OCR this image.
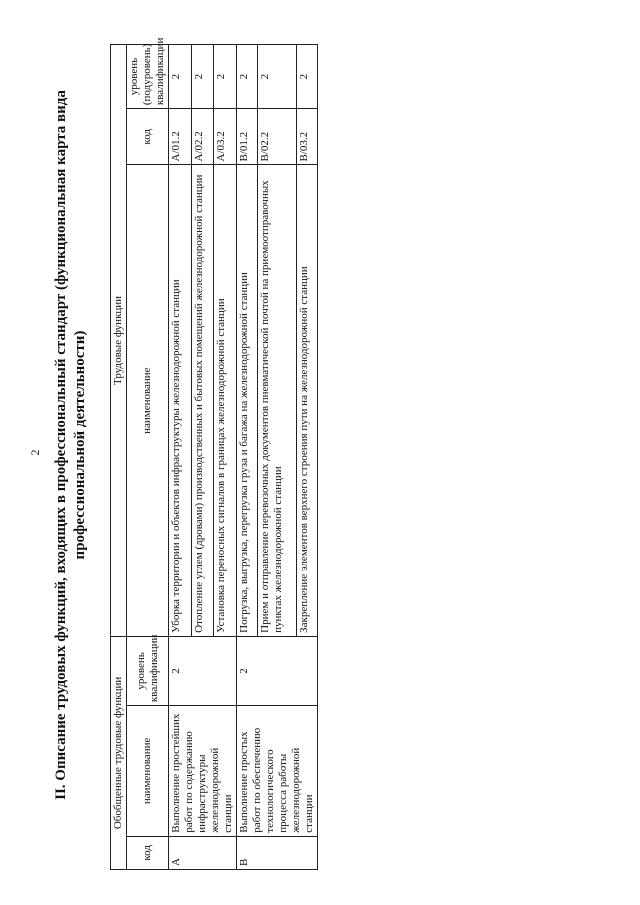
2 II. Описание трудовых функций, входящих в профессиональный стандарт (функциональная карта вида профессиональной деятельности)
Обобщенные трудовые функции			Трудовые функции		
код	наименование	уровень квалификации	наименование	код	уровень (подуровень) квалификации
A	Выполнение простейших работ по содержанию инфраструктуры железнодорожной станции	2	Уборка территории и объектов инфраструктуры железнодорожной станции	A/01.2	2
			Отопление углем (дровами) производственных и бытовых помещений железнодорожной станции	A/02.2	2
			Установка переносных сигналов в границах железнодорожной станции	A/03.2	2
B	Выполнение простых работ по обеспечению технологического процесса работы железнодорожной станции	2	Погрузка, выгрузка, перегрузка груза и багажа на железнодорожной станции	B/01.2	2
			Прием и отправление перевозочных документов пневматической почтой на приемоотправочных пунктах железнодорожной станции	B/02.2	2
			Закрепление элементов верхнего строения пути на железнодорожной станции	B/03.2	2
